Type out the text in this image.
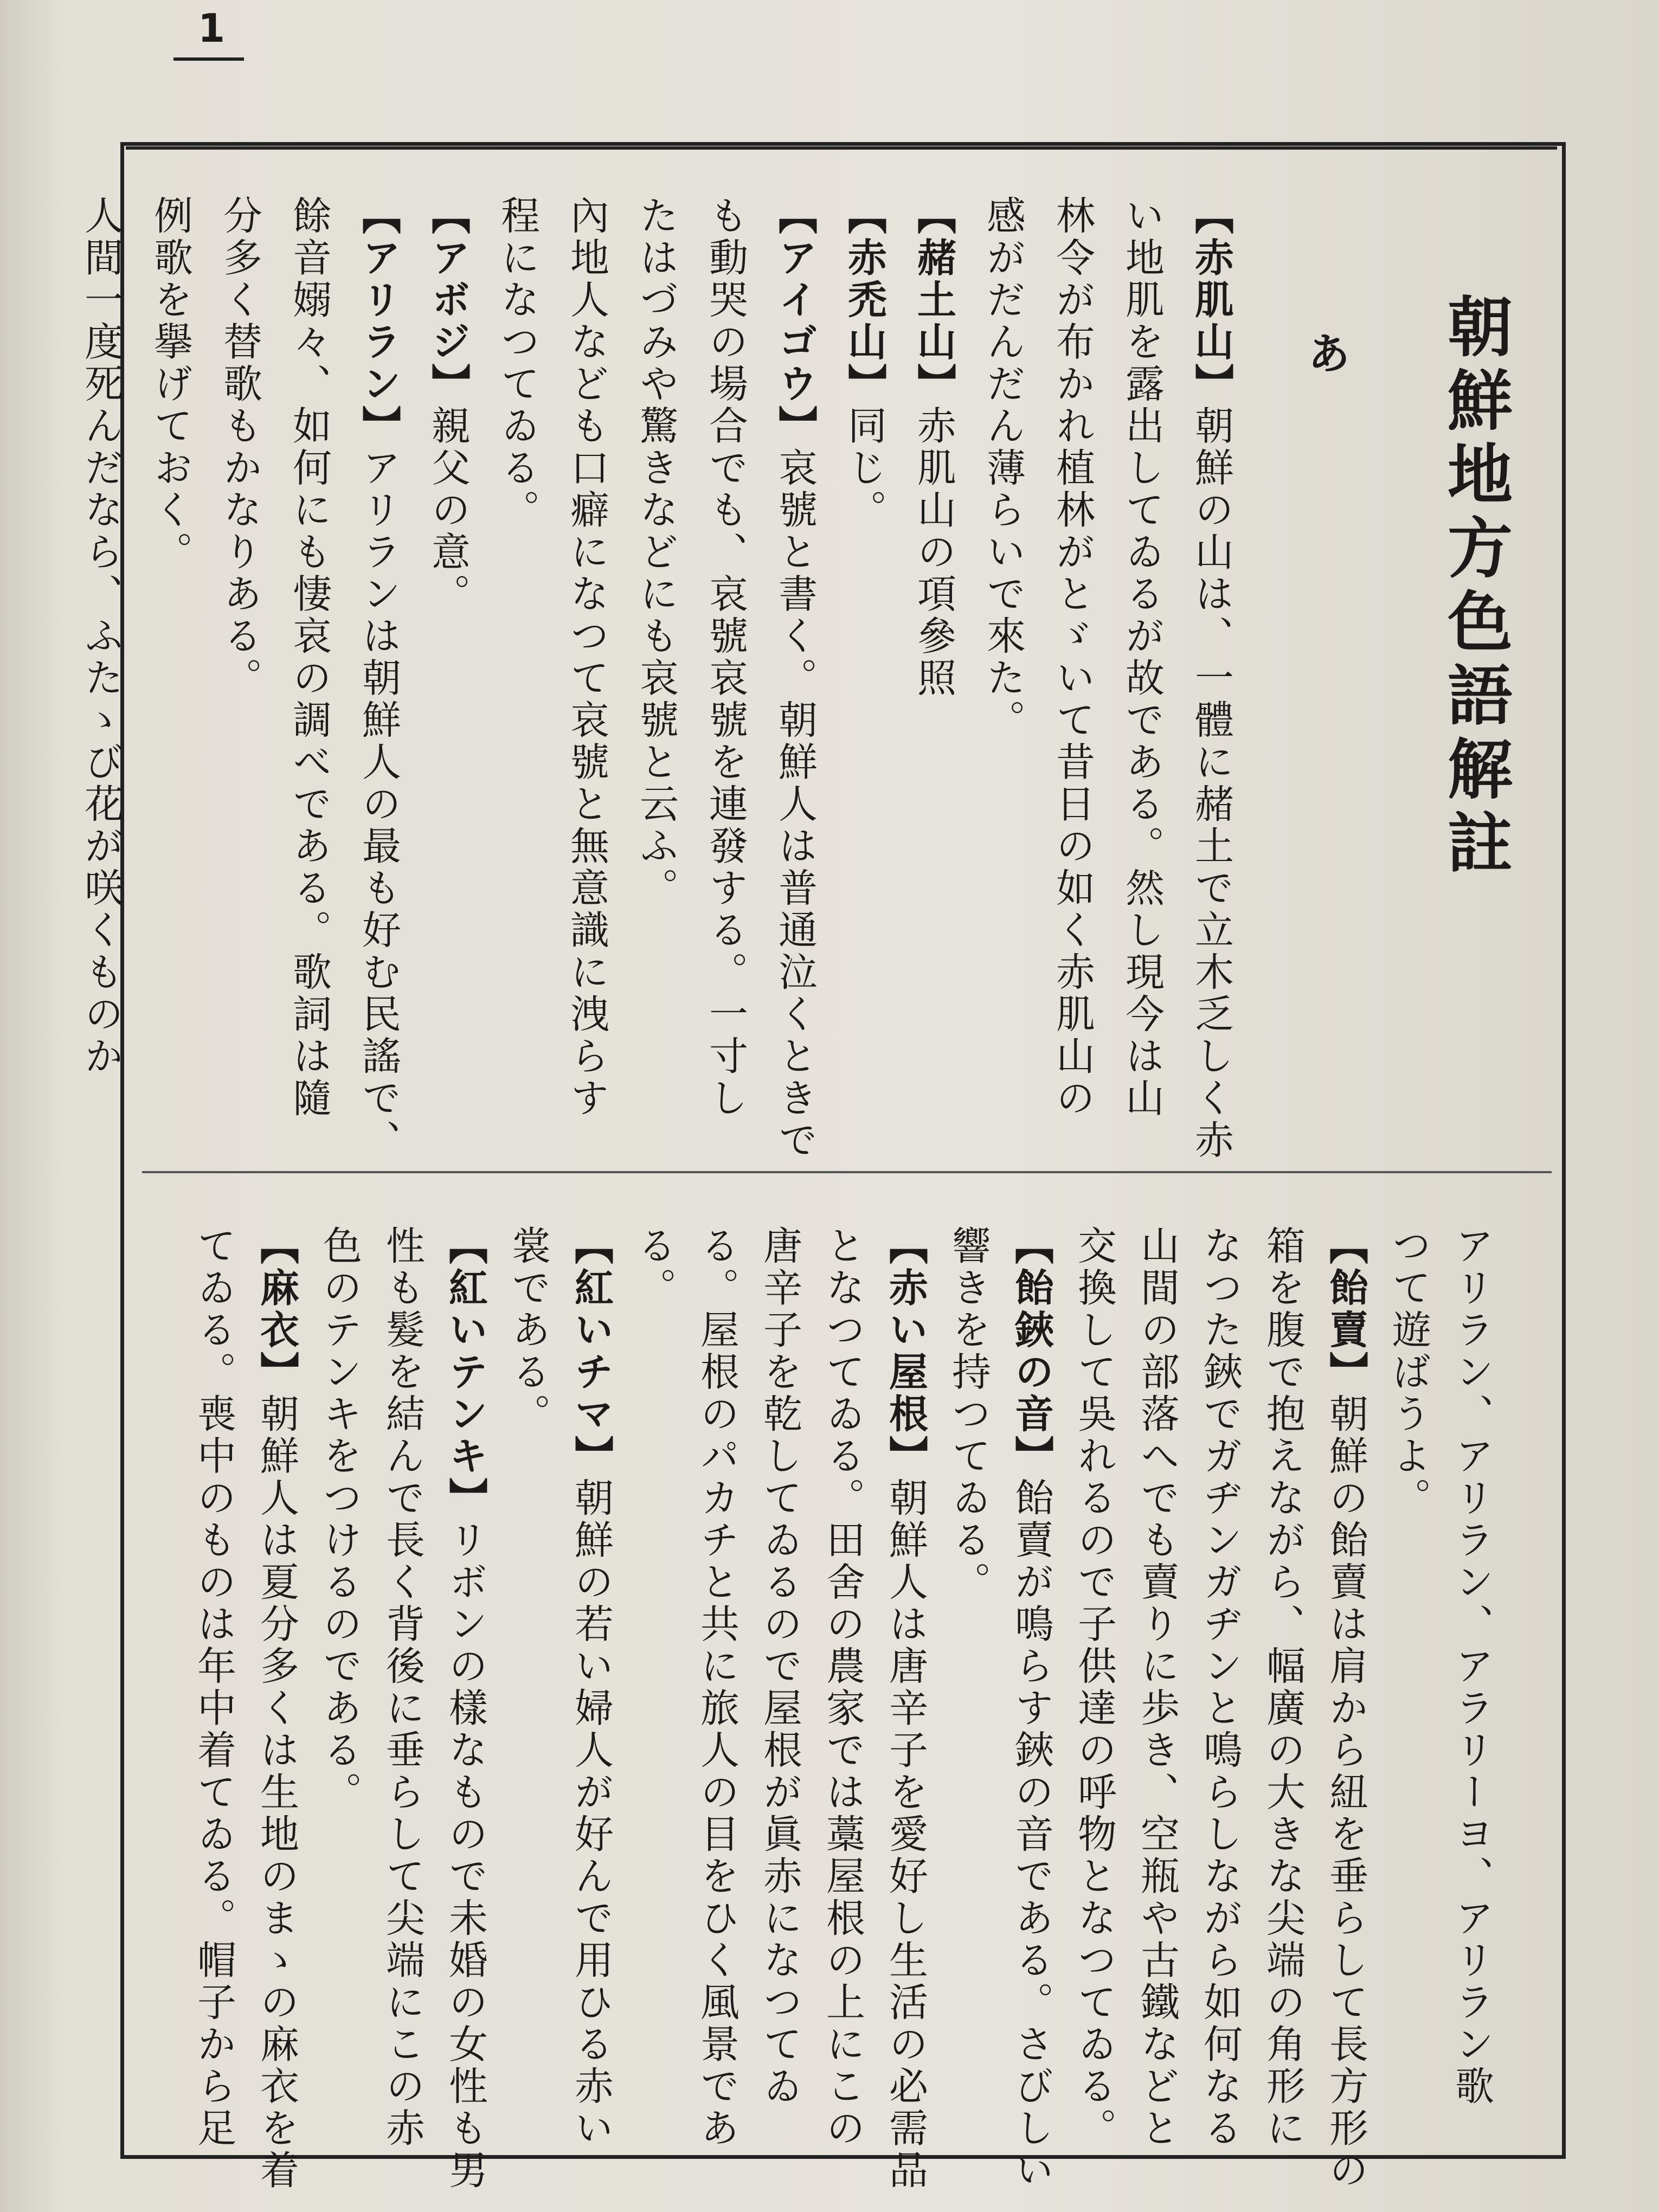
1
朝鮮地方色語解註
あ
【赤肌山】朝鮮の山は、一體に赭土で立木乏しく赤
い地肌を露出してゐるが故である。然し現今は山
林令が布かれ植林がとゞいて昔日の如く赤肌山の
感がだんだん薄らいで來た。
【赭土山】赤肌山の項參照
【赤禿山】同じ。
【アイゴウ】哀號と書く。朝鮮人は普通泣くときで
も動哭の場合でも、哀號哀號を連發する。一寸し
たはづみや驚きなどにも哀號と云ふ。
內地人なども口癖になつて哀號と無意識に洩らす
程になつてゐる。
【アボジ】親父の意。
【アリラン】アリランは朝鮮人の最も好む民謠で、
餘音嫋々、如何にも悽哀の調べである。歌詞は隨
分多く替歌もかなりある。
例歌を擧げておく。
人間一度死んだなら、ふたゝび花が咲くものか
アリラン、アリラン、アラリーヨ、アリラン歌
つて遊ばうよ。
【飴賣】朝鮮の飴賣は肩から紐を垂らして長方形の
箱を腹で抱えながら、幅廣の大きな尖端の角形に
なつた鋏でガヂンガヂンと鳴らしながら如何なる
山間の部落へでも賣りに歩き、空瓶や古鐵などと
交換して吳れるので子供達の呼物となつてゐる。
【飴鋏の音】飴賣が鳴らす鋏の音である。さびしい
響きを持つてゐる。
【赤い屋根】朝鮮人は唐辛子を愛好し生活の必需品
となつてゐる。田舍の農家では藁屋根の上にこの
唐辛子を乾してゐるので屋根が眞赤になつてゐ
る。屋根のパカチと共に旅人の目をひく風景であ
る。
【紅いチマ】朝鮮の若い婦人が好んで用ひる赤い
裳である。
【紅いテンキ】リボンの樣なもので未婚の女性も男
性も髮を結んで長く背後に垂らして尖端にこの赤
色のテンキをつけるのである。
【麻衣】朝鮮人は夏分多くは生地のまゝの麻衣を着
てゐる。喪中のものは年中着てゐる。帽子から足
